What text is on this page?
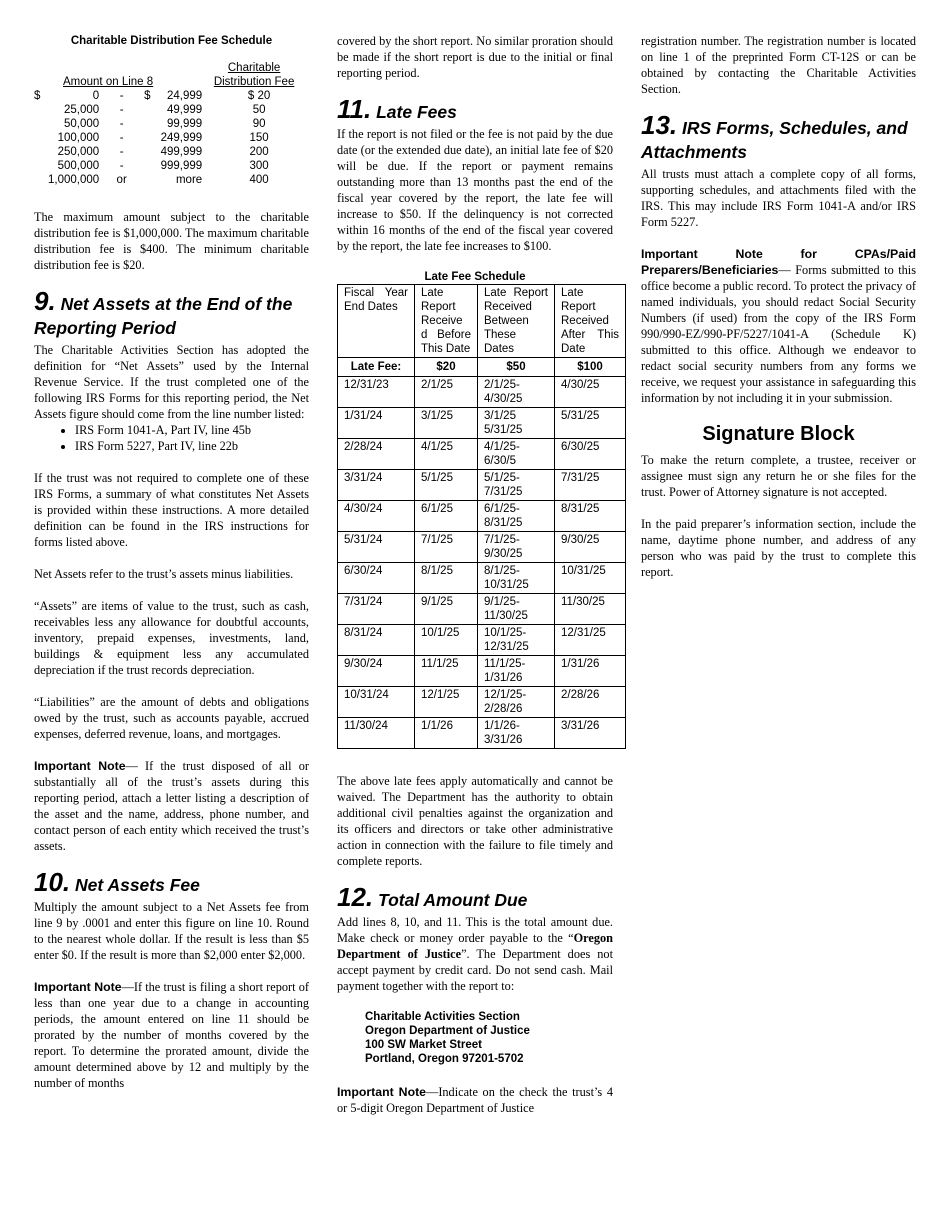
Charitable Distribution Fee Schedule
					Charitable
Amount on Line 8					Distribution Fee
$	0	-	$	24,999	$ 20
	25,000	-		49,999	50
	50,000	-		99,999	90
	100,000	-		249,999	150
	250,000	-		499,999	200
	500,000	-		999,999	300
	1,000,000	or		more	400

The maximum amount subject to the charitable distribution fee is $1,000,000. The maximum charitable distribution fee is $400. The minimum charitable distribution fee is $20.

9. Net Assets at the End of the Reporting Period

The Charitable Activities Section has adopted the definition for “Net Assets” used by the Internal Revenue Service. If the trust completed one of the following IRS Forms for this reporting period, the Net Assets figure should come from the line number listed:

• IRS Form 1041-A, Part IV, line 45b
• IRS Form 5227, Part IV, line 22b

If the trust was not required to complete one of these IRS Forms, a summary of what constitutes Net Assets is provided within these instructions. A more detailed definition can be found in the IRS instructions for forms listed above.

Net Assets refer to the trust’s assets minus liabilities.

“Assets” are items of value to the trust, such as cash, receivables less any allowance for doubtful accounts, inventory, prepaid expenses, investments, land, buildings & equipment less any accumulated depreciation if the trust records depreciation.

“Liabilities” are the amount of debts and obligations owed by the trust, such as accounts payable, accrued expenses, deferred revenue, loans, and mortgages.

Important Note— If the trust disposed of all or substantially all of the trust’s assets during this reporting period, attach a letter listing a description of the asset and the name, address, phone number, and contact person of each entity which received the trust’s assets.

10. Net Assets Fee

Multiply the amount subject to a Net Assets fee from line 9 by .0001 and enter this figure on line 10. Round to the nearest whole dollar. If the result is less than $5 enter $0. If the result is more than $2,000 enter $2,000.

Important Note—If the trust is filing a short report of less than one year due to a change in accounting periods, the amount entered on line 11 should be prorated by the number of months covered by the report. To determine the prorated amount, divide the amount determined above by 12 and multiply by the number of months

covered by the short report. No similar proration should be made if the short report is due to the initial or final reporting period.

11. Late Fees

If the report is not filed or the fee is not paid by the due date (or the extended due date), an initial late fee of $20 will be due. If the report or payment remains outstanding more than 13 months past the end of the fiscal year covered by the report, the late fee will increase to $50. If the delinquency is not corrected within 16 months of the end of the fiscal year covered by the report, the late fee increases to $100.

Late Fee Schedule
Fiscal Year End Dates	Late Report Receive d Before This Date	Late Report Received Between These Dates	Late Report Received After This Date
Late Fee:	$20	$50	$100
12/31/23	2/1/25	2/1/25-4/30/25	4/30/25
1/31/24	3/1/25	3/1/25 5/31/25	5/31/25
2/28/24	4/1/25	4/1/25-6/30/5	6/30/25
3/31/24	5/1/25	5/1/25-7/31/25	7/31/25
4/30/24	6/1/25	6/1/25-8/31/25	8/31/25
5/31/24	7/1/25	7/1/25-9/30/25	9/30/25
6/30/24	8/1/25	8/1/25-10/31/25	10/31/25
7/31/24	9/1/25	9/1/25-11/30/25	11/30/25
8/31/24	10/1/25	10/1/25-12/31/25	12/31/25
9/30/24	11/1/25	11/1/25-1/31/26	1/31/26
10/31/24	12/1/25	12/1/25-2/28/26	2/28/26
11/30/24	1/1/26	1/1/26-3/31/26	3/31/26

The above late fees apply automatically and cannot be waived. The Department has the authority to obtain additional civil penalties against the organization and its officers and directors or take other administrative action in connection with the failure to file timely and complete reports.

12. Total Amount Due

Add lines 8, 10, and 11. This is the total amount due. Make check or money order payable to the “Oregon Department of Justice”. The Department does not accept payment by credit card. Do not send cash. Mail payment together with the report to:

Charitable Activities Section
Oregon Department of Justice
100 SW Market Street
Portland, Oregon 97201-5702

Important Note—Indicate on the check the trust’s 4 or 5-digit Oregon Department of Justice

registration number. The registration number is located on line 1 of the preprinted Form CT-12S or can be obtained by contacting the Charitable Activities Section.

13. IRS Forms, Schedules, and Attachments

All trusts must attach a complete copy of all forms, supporting schedules, and attachments filed with the IRS. This may include IRS Form 1041-A and/or IRS Form 5227.

Important Note for CPAs/Paid Preparers/Beneficiaries— Forms submitted to this office become a public record. To protect the privacy of named individuals, you should redact Social Security Numbers (if used) from the copy of the IRS Form 990/990-EZ/990-PF/5227/1041-A (Schedule K) submitted to this office. Although we endeavor to redact social security numbers from any forms we receive, we request your assistance in safeguarding this information by not including it in your submission.

Signature Block

To make the return complete, a trustee, receiver or assignee must sign any return he or she files for the trust. Power of Attorney signature is not accepted.

In the paid preparer’s information section, include the name, daytime phone number, and address of any person who was paid by the trust to complete this report.
